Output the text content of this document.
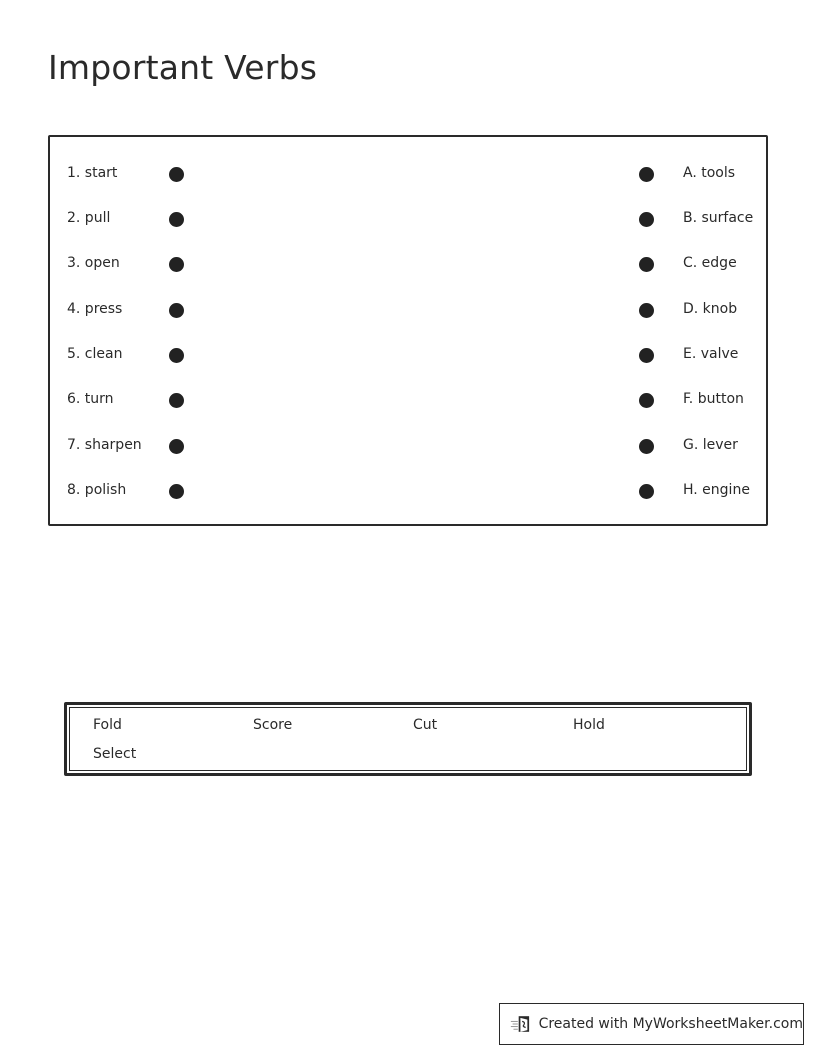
Important Verbs
1. start	A. tools
2. pull	B. surface
3. open	C. edge
4. press	D. knob
5. clean	E. valve
6. turn	F. button
7. sharpen	G. lever
8. polish	H. engine
Fold	Score	Cut	Hold
Select
Created with MyWorksheetMaker.com
